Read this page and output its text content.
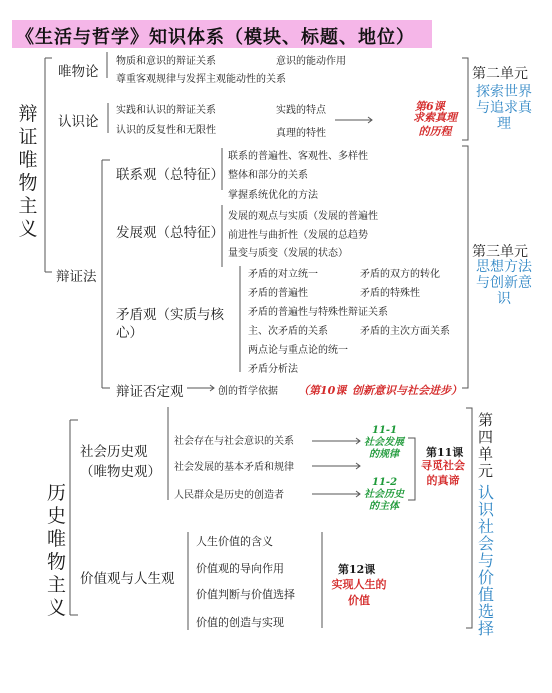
《生活与哲学》知识体系（模块、标题、地位）
辩证唯物主义
唯物论
物质和意识的辩证关系	意识的能动作用
尊重客观规律与发挥主观能动性的关系
认识论
实践和认识的辩证关系	实践的特点
认识的反复性和无限性	真理的特性
第6课
求索真理的历程
第二单元
探索世界与追求真理
辩证法
联系观（总特征）
联系的普遍性、客观性、多样性
整体和部分的关系
掌握系统优化的方法
发展观（总特征）
发展的观点与实质（发展的普遍性
前进性与曲折性（发展的总趋势
量变与质变（发展的状态）
矛盾观（实质与核心）
矛盾的对立统一	矛盾的双方的转化
矛盾的普遍性	矛盾的特殊性
矛盾的普遍性与特殊性辩证关系
主、次矛盾的关系	矛盾的主次方面关系
两点论与重点论的统一
矛盾分析法
辩证否定观	创的哲学依据 （第10课 创新意识与社会进步）
第三单元
思想方法与创新意识
历史唯物主义
社会历史观（唯物史观）
社会存在与社会意识的关系
社会发展的基本矛盾和规律
人民群众是历史的创造者
11-1
社会发展的规律
11-2
社会历史的主体
第11课
寻觅社会的真谛
价值观与人生观
人生价值的含义
价值观的导向作用
价值判断与价值选择
价值的创造与实现
第12课
实现人生的价值
第四单元
认识社会与价值选择
